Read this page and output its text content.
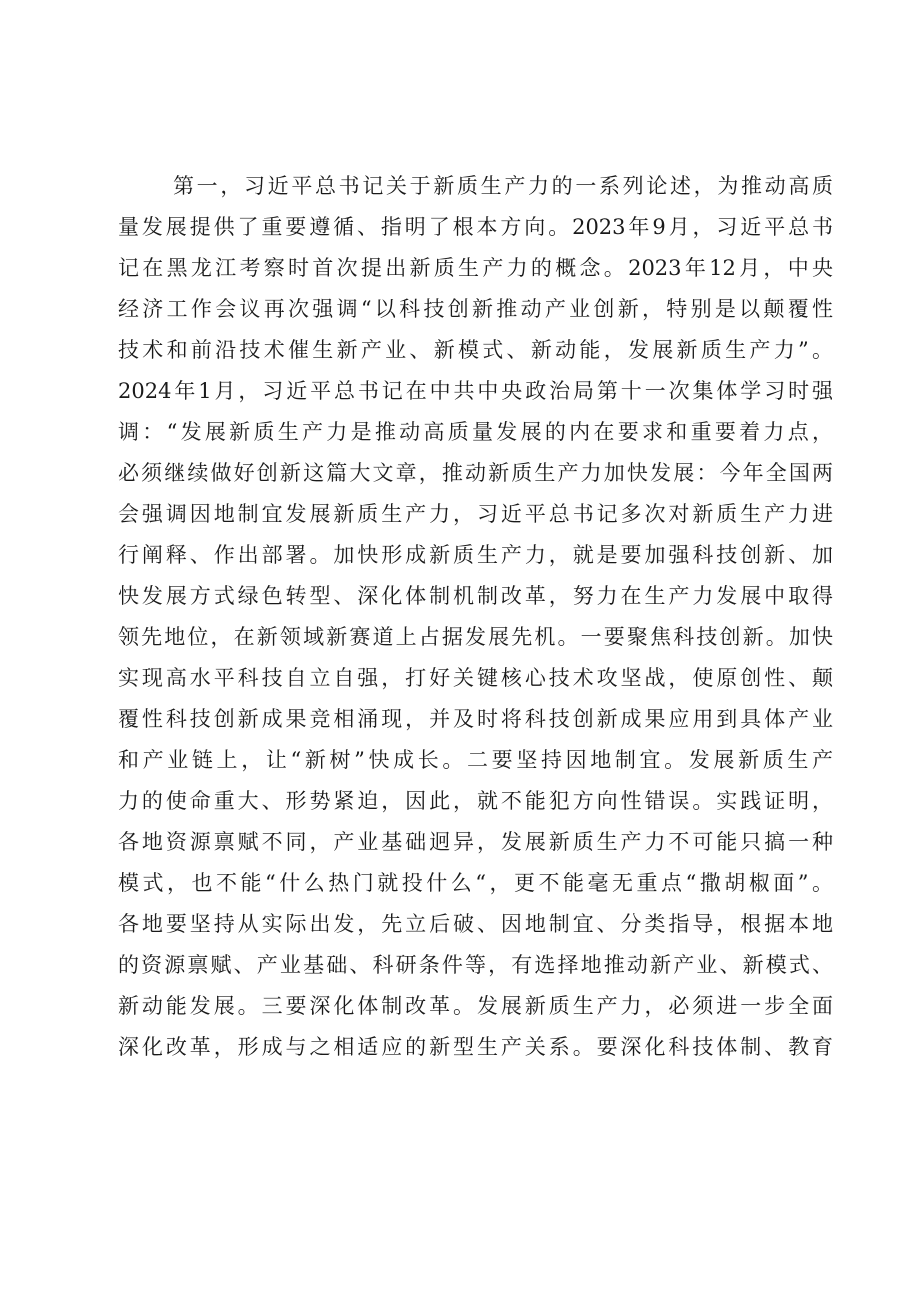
第一，习近平总书记关于新质生产力的一系列论述，为推动高质
量发展提供了重要遵循、指明了根本方向。2023年9月，习近平总书
记在黑龙江考察时首次提出新质生产力的概念。2023年12月，中央
经济工作会议再次强调“以科技创新推动产业创新，特别是以颠覆性
技术和前沿技术催生新产业、新模式、新动能，发展新质生产力”。
2024年1月，习近平总书记在中共中央政治局第十一次集体学习时强
调：“发展新质生产力是推动高质量发展的内在要求和重要着力点，
必须继续做好创新这篇大文章，推动新质生产力加快发展：今年全国两
会强调因地制宜发展新质生产力，习近平总书记多次对新质生产力进
行阐释、作出部署。加快形成新质生产力，就是要加强科技创新、加
快发展方式绿色转型、深化体制机制改革，努力在生产力发展中取得
领先地位，在新领域新赛道上占据发展先机。一要聚焦科技创新。加快
实现高水平科技自立自强，打好关键核心技术攻坚战，使原创性、颠
覆性科技创新成果竞相涌现，并及时将科技创新成果应用到具体产业
和产业链上，让“新树”快成长。二要坚持因地制宜。发展新质生产
力的使命重大、形势紧迫，因此，就不能犯方向性错误。实践证明，
各地资源禀赋不同，产业基础迥异，发展新质生产力不可能只搞一种
模式，也不能“什么热门就投什么“，更不能毫无重点“撒胡椒面”。
各地要坚持从实际出发，先立后破、因地制宜、分类指导，根据本地
的资源禀赋、产业基础、科研条件等，有选择地推动新产业、新模式、
新动能发展。三要深化体制改革。发展新质生产力，必须进一步全面
深化改革，形成与之相适应的新型生产关系。要深化科技体制、教育
